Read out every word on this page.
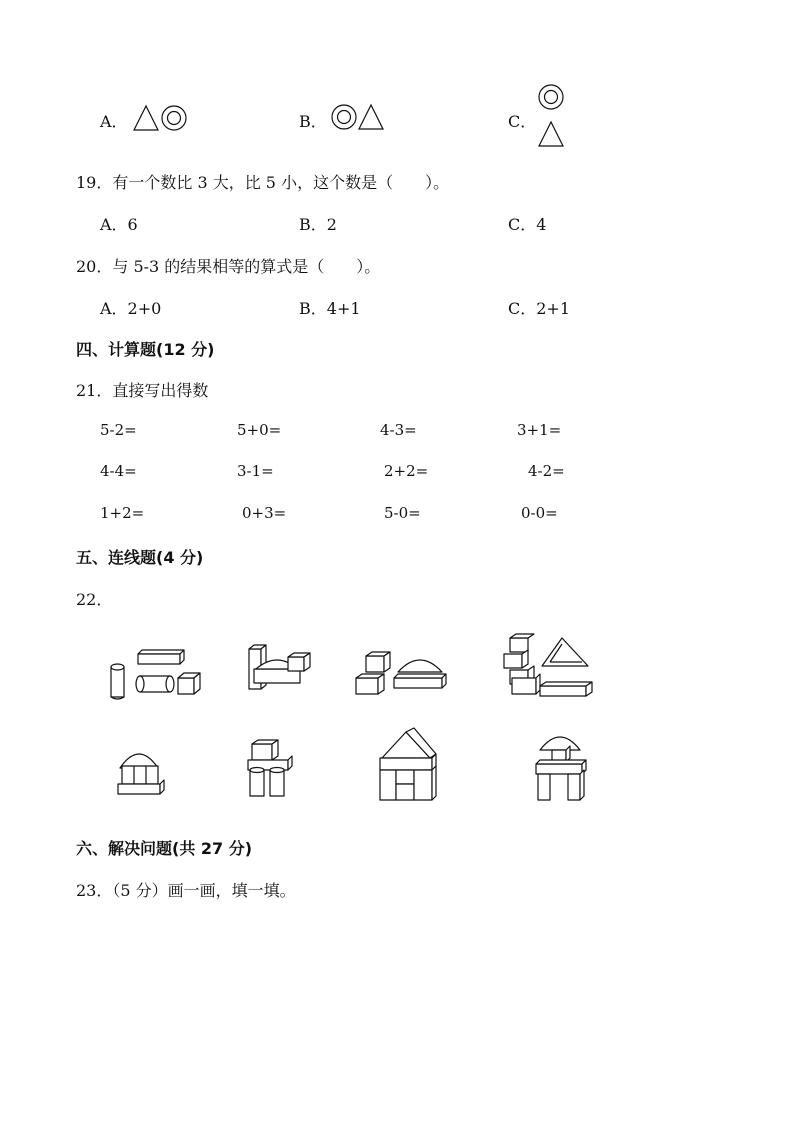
A．	B．	C．
19．有一个数比 3 大，比 5 小，这个数是（　　）。
A．6	B．2	C．4
20．与 5-3 的结果相等的算式是（　　）。
A．2+0	B．4+1	C．2+1
四、计算题(12 分)
21．直接写出得数
5-2=	5+0=	4-3=	3+1=
4-4=	3-1=	2+2=	4-2=
1+2=	0+3=	5-0=	0-0=
五、连线题(4 分)
22．
六、解决问题(共 27 分)
23．（5 分）画一画，填一填。
